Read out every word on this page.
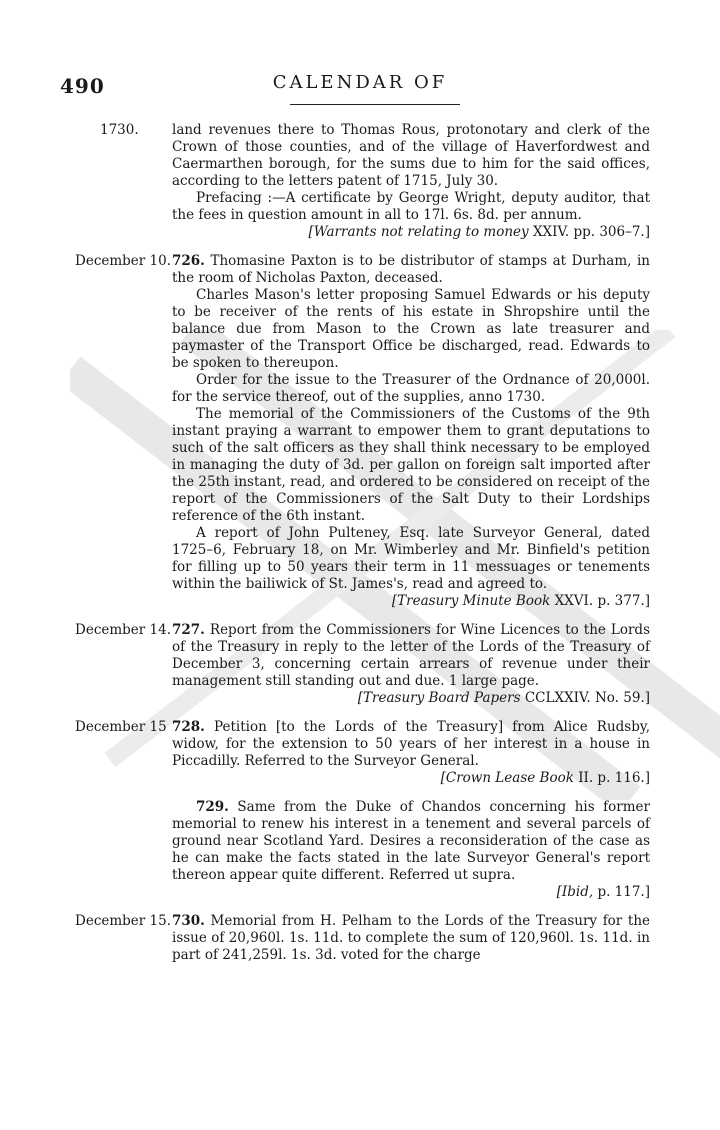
490	CALENDAR OF
1730.	land revenues there to Thomas Rous, protonotary and clerk of the Crown of those counties, and of the village of Haverfordwest and Caermarthen borough, for the sums due to him for the said offices, according to the letters patent of 1715, July 30.

Prefacing :—A certificate by George Wright, deputy auditor, that the fees in question amount in all to 17l. 6s. 8d. per annum.

[Warrants not relating to money XXIV. pp. 306–7.]

December 10. 726. Thomasine Paxton is to be distributor of stamps at Durham, in the room of Nicholas Paxton, deceased.

Charles Mason's letter proposing Samuel Edwards or his deputy to be receiver of the rents of his estate in Shropshire until the balance due from Mason to the Crown as late treasurer and paymaster of the Transport Office be discharged, read. Edwards to be spoken to thereupon.

Order for the issue to the Treasurer of the Ordnance of 20,000l. for the service thereof, out of the supplies, anno 1730.

The memorial of the Commissioners of the Customs of the 9th instant praying a warrant to empower them to grant deputations to such of the salt officers as they shall think necessary to be employed in managing the duty of 3d. per gallon on foreign salt imported after the 25th instant, read, and ordered to be considered on receipt of the report of the Commissioners of the Salt Duty to their Lordships reference of the 6th instant.

A report of John Pulteney, Esq. late Surveyor General, dated 1725–6, February 18, on Mr. Wimberley and Mr. Binfield's petition for filling up to 50 years their term in 11 messuages or tenements within the bailiwick of St. James's, read and agreed to.

[Treasury Minute Book XXVI. p. 377.]

December 14. 727. Report from the Commissioners for Wine Licences to the Lords of the Treasury in reply to the letter of the Lords of the Treasury of December 3, concerning certain arrears of revenue under their management still standing out and due. 1 large page.

[Treasury Board Papers CCLXXIV. No. 59.]

December 15 728. Petition [to the Lords of the Treasury] from Alice Rudsby, widow, for the extension to 50 years of her interest in a house in Piccadilly. Referred to the Surveyor General.

[Crown Lease Book II. p. 116.]

729. Same from the Duke of Chandos concerning his former memorial to renew his interest in a tenement and several parcels of ground near Scotland Yard. Desires a reconsideration of the case as he can make the facts stated in the late Surveyor General's report thereon appear quite different. Referred ut supra.

[Ibid, p. 117.]

December 15. 730. Memorial from H. Pelham to the Lords of the Treasury for the issue of 20,960l. 1s. 11d. to complete the sum of 120,960l. 1s. 11d. in part of 241,259l. 1s. 3d. voted for the charge
